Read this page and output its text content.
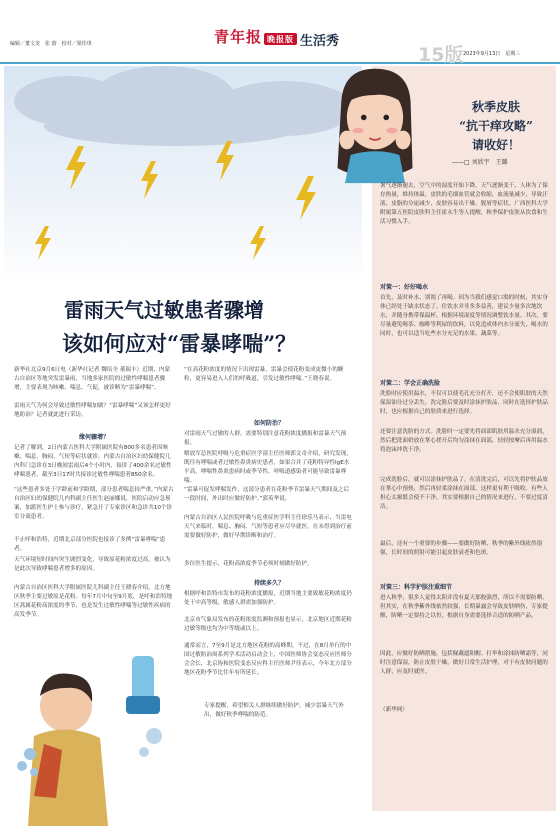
编辑／董文龙　张 蔚　校对／梁佳琪	青年报 晚报版 生活秀
15版 2023年9月13日　星期三
雷雨天气过敏患者骤增
该如何应对“雷暴哮喘”？
新华社北京9月6日电（新华社记者 魏培全 董瑞丰）近期，内蒙古自治区等地突发雷暴雨，当地多家医院的过敏性哮喘患者骤增，主要表现为咳嗽、喘息、气促，被诊断为“雷暴哮喘”。
雷雨天气为何会导致过敏性哮喘加剧？“雷暴哮喘”又该怎样更好地防治？记者就此进行采访。
缘何骤增？
记者了解到，2日内蒙古医科大学附属医院有800多名患者因咳嗽、喘息、胸闷、气短等症状就诊。内蒙古自治区妇幼保健院儿内科门急诊在3日晚间雷雨后4个小时内，接诊了400余名过敏性哮喘患者，截至3日17时共接诊过敏性哮喘患者850余名。
“这些患者多处于学龄前和学龄期，部分患者喘息较严重。”内蒙古自治区妇幼保健院儿内科副主任医生赵丽娜说，医院启动应急预案，加派医生护士参与诊疗，紧急开了专家诊区和急诊共10个诊室分流患者。
不止呼和浩特，近期北京部分医院也接诊了多例“雷暴哮喘”患者。
天气环境短时间内突生剧烈变化，导致原花粉浓度过高，被认为是此次导致哮喘患者增多的原因。
内蒙古自治区医科大学附属医院儿科副主任王晓春介绍，北方地区秋季主要过敏原是花粉。每年7月中旬至9月底，是呼和浩特地区蒿属花粉高浓度的季节，也是发生过敏性哮喘等过敏性疾病的高发季节。
“在高花粉浓度的情况下出现雷暴，雷暴会使花粉变成更微小的颗粒，更容易进入人们的呼吸道，引发过敏性哮喘。”王晓春说。
如何防治？
对雷雨天气过敏的人群，需要特别注意花粉浓度播报和雷暴天气预报。
解放军总医院呼吸与危重症医学部主任医师郭文奇介绍，研究发现，既往有哮喘或者过敏性鼻炎病史患者，如果合并了花粉特异性IgE水平高，哮喘性鼻炎患病时或季节性、呼吸道感染者可能导致雷暴哮喘。
“雷暴可促发哮喘发作，这部分患者在花粉季节雷暴天气期间及之后一段时间，外出时应做好防护。”郭英华说。
内蒙古自治区人民医院呼吸与危重症医学科主任徐乐马表示，当雷电天气来临时，喘息、胸闷、气短等患者应尽早就医，在未得到治疗前需要做好防护，做好早期诊断和治疗。
多位医生提示，花粉高浓度季节必须时刻做好防护。
持续多久？
根据呼和浩特市发布的花粉浓度播报，近期当地主要致敏花粉浓度仍处于中高等级，敏感人群需加强防护。
北京市气象局发布的花粉浓度监测和预报也显示，北京地区近期花粉过敏等级也均为中等级或以上。
通常而言，7至9月是北方地区花粉的高峰期。不过，在8月举行的中国过敏防治周系列学术活动启动会上，中国医师协会变态反应医师分会会长、北京协和医院变态反应科主任医师尹佳表示，今年北方部分地区花粉季节比往年有所延长。
专家提醒，希望相关人群继续做好防护，减少雷暴天气外出，做好秋季哮喘的防范。
秋季皮肤
“抗干痒攻略”
请收好！
——□ 刘欣宇　王璐
暑气逐渐褪去，空气中的湿度开始下降，天气逐渐变干，人体为了保存热量，维持体温，皮肤的毛细血管就会收缩，血流量减少，导致汗液、皮脂的分泌减少，皮肤容易出干燥、脱屑等症状。广西医科大学附属第五医院皮肤科主任霍永生等人提醒，秋季保护皮肤从饮食和生活习惯入手。
对策一：好好喝水
首先，及时补水，别渴了再喝。因为当我们感觉口渴的时候，其实身体已经处于缺水状态了。住饮水并非多多益善，建议少量多次地饮水，并随身携带保温杯，根据环境湿度等情况调整饮水量。其次，要尽量避免喝茶、咖啡等利尿的饮料，以免造成体内水分流失，喝水的同时，也可以适当吃些水分充足的水果、蔬菜等。
对策二：学会正确洗脸
洗脸时应使用温水，不仅可以使毛孔充分打开，还不会使肌肤的天然保湿油分过分丢失。洗完脸后要及时涂抹护肤品，同时在选择护肤品时，也应根据自己的肤质来进行选择。
还要注意洗脸的方式。洗脸时一定要先将面部肌肤用温水充分湿润，然后把洗面奶放在掌心搓开后均匀涂抹在面部，轻轻按摩后再用温水将泡沫冲洗干净。
完成洗脸后，就可以涂抹护肤品了。在清洗完后，可以先将护肤品放在掌心中预热，然后再轻柔涂抹在面部，这样更有利于吸收。有些人担心太频繁会使不干净，其实要根据自己的情况来进行，不要过度清洁。
最后，还有一个重要的步骤——要做好防晒，秋季的紫外线依然很强，长时间的照射可能引起皮肤衰老和色斑。
对策三：科学护肤注重细节
进入秋季，很多人觉得太阳并没有夏天那般强烈，所以不需要防晒。但其实，在秋季紫外线依然较强，长期暴露会导致皮肤晒伤，专家提醒，防晒一定要持之以恒，根据自身需要选择合适的防晒产品。
因此，应做好防晒措施，包括佩戴遮阳帽、打伞和涂抹防晒霜等，同时注意保湿，防止皮肤干燥，做好日常生活护理，对于有皮肤问题的人群，应及时就医。
（新华网）
